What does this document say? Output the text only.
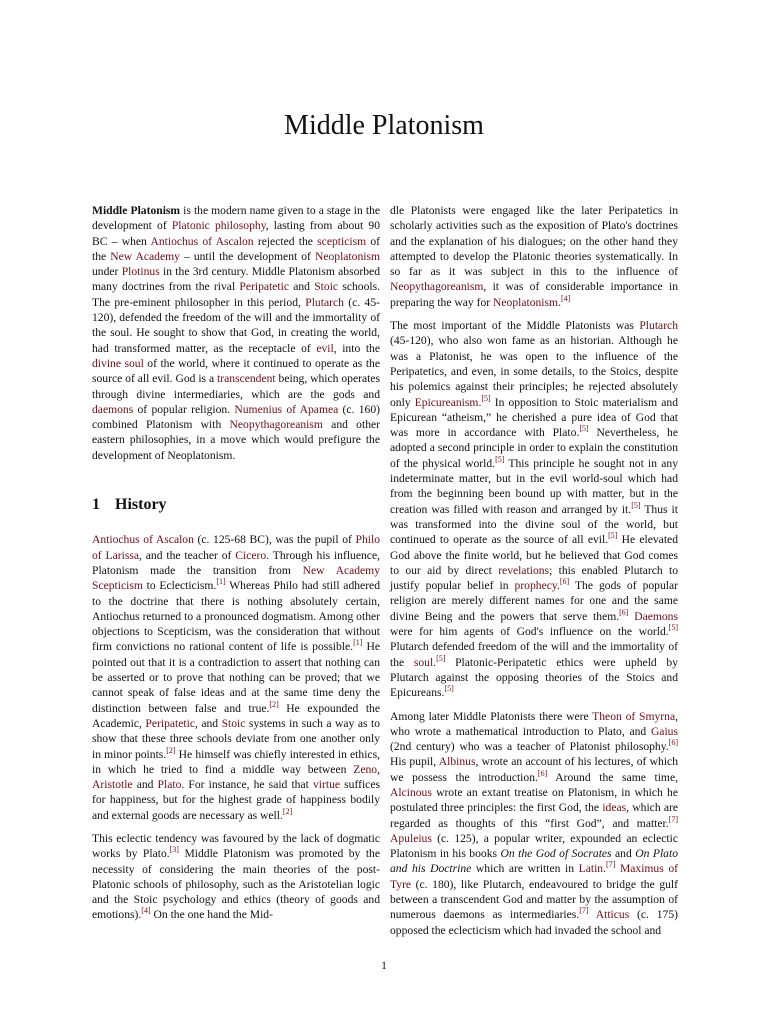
Middle Platonism

Middle Platonism is the modern name given to a stage in the development of Platonic philosophy, lasting from about 90 BC – when Antiochus of Ascalon rejected the scepticism of the New Academy – until the development of Neoplatonism under Plotinus in the 3rd century. Middle Platonism absorbed many doctrines from the rival Peripatetic and Stoic schools. The pre-eminent philosopher in this period, Plutarch (c. 45-120), defended the freedom of the will and the immortality of the soul. He sought to show that God, in creating the world, had transformed matter, as the receptacle of evil, into the divine soul of the world, where it continued to operate as the source of all evil. God is a transcendent being, which operates through divine intermediaries, which are the gods and daemons of popular religion. Numenius of Apamea (c. 160) combined Platonism with Neopythagoreanism and other eastern philosophies, in a move which would prefigure the development of Neoplatonism.

1 History

Antiochus of Ascalon (c. 125-68 BC), was the pupil of Philo of Larissa, and the teacher of Cicero. Through his influence, Platonism made the transition from New Academy Scepticism to Eclecticism.[1] Whereas Philo had still adhered to the doctrine that there is nothing absolutely certain, Antiochus returned to a pronounced dogmatism. Among other objections to Scepticism, was the consideration that without firm convictions no rational content of life is possible.[1] He pointed out that it is a contradiction to assert that nothing can be asserted or to prove that nothing can be proved; that we cannot speak of false ideas and at the same time deny the distinction between false and true.[2] He expounded the Academic, Peripatetic, and Stoic systems in such a way as to show that these three schools deviate from one another only in minor points.[2] He himself was chiefly interested in ethics, in which he tried to find a middle way between Zeno, Aristotle and Plato. For instance, he said that virtue suffices for happiness, but for the highest grade of happiness bodily and external goods are necessary as well.[2]

This eclectic tendency was favoured by the lack of dogmatic works by Plato.[3] Middle Platonism was promoted by the necessity of considering the main theories of the post-Platonic schools of philosophy, such as the Aristotelian logic and the Stoic psychology and ethics (theory of goods and emotions).[4] On the one hand the Mid-

dle Platonists were engaged like the later Peripatetics in scholarly activities such as the exposition of Plato's doctrines and the explanation of his dialogues; on the other hand they attempted to develop the Platonic theories systematically. In so far as it was subject in this to the influence of Neopythagoreanism, it was of considerable importance in preparing the way for Neoplatonism.[4]

The most important of the Middle Platonists was Plutarch (45-120), who also won fame as an historian. Although he was a Platonist, he was open to the influence of the Peripatetics, and even, in some details, to the Stoics, despite his polemics against their principles; he rejected absolutely only Epicureanism.[5] In opposition to Stoic materialism and Epicurean “atheism,” he cherished a pure idea of God that was more in accordance with Plato.[5] Nevertheless, he adopted a second principle in order to explain the constitution of the physical world.[5] This principle he sought not in any indeterminate matter, but in the evil world-soul which had from the beginning been bound up with matter, but in the creation was filled with reason and arranged by it.[5] Thus it was transformed into the divine soul of the world, but continued to operate as the source of all evil.[5] He elevated God above the finite world, but he believed that God comes to our aid by direct revelations; this enabled Plutarch to justify popular belief in prophecy.[6] The gods of popular religion are merely different names for one and the same divine Being and the powers that serve them.[6] Daemons were for him agents of God's influence on the world.[5] Plutarch defended freedom of the will and the immortality of the soul.[5] Platonic-Peripatetic ethics were upheld by Plutarch against the opposing theories of the Stoics and Epicureans.[5]

Among later Middle Platonists there were Theon of Smyrna, who wrote a mathematical introduction to Plato, and Gaius (2nd century) who was a teacher of Platonist philosophy.[6] His pupil, Albinus, wrote an account of his lectures, of which we possess the introduction.[6] Around the same time, Alcinous wrote an extant treatise on Platonism, in which he postulated three principles: the first God, the ideas, which are regarded as thoughts of this “first God”, and matter.[7] Apuleius (c. 125), a popular writer, expounded an eclectic Platonism in his books On the God of Socrates and On Plato and his Doctrine which are written in Latin.[7] Maximus of Tyre (c. 180), like Plutarch, endeavoured to bridge the gulf between a transcendent God and matter by the assumption of numerous daemons as intermediaries.[7] Atticus (c. 175) opposed the eclecticism which had invaded the school and

1
